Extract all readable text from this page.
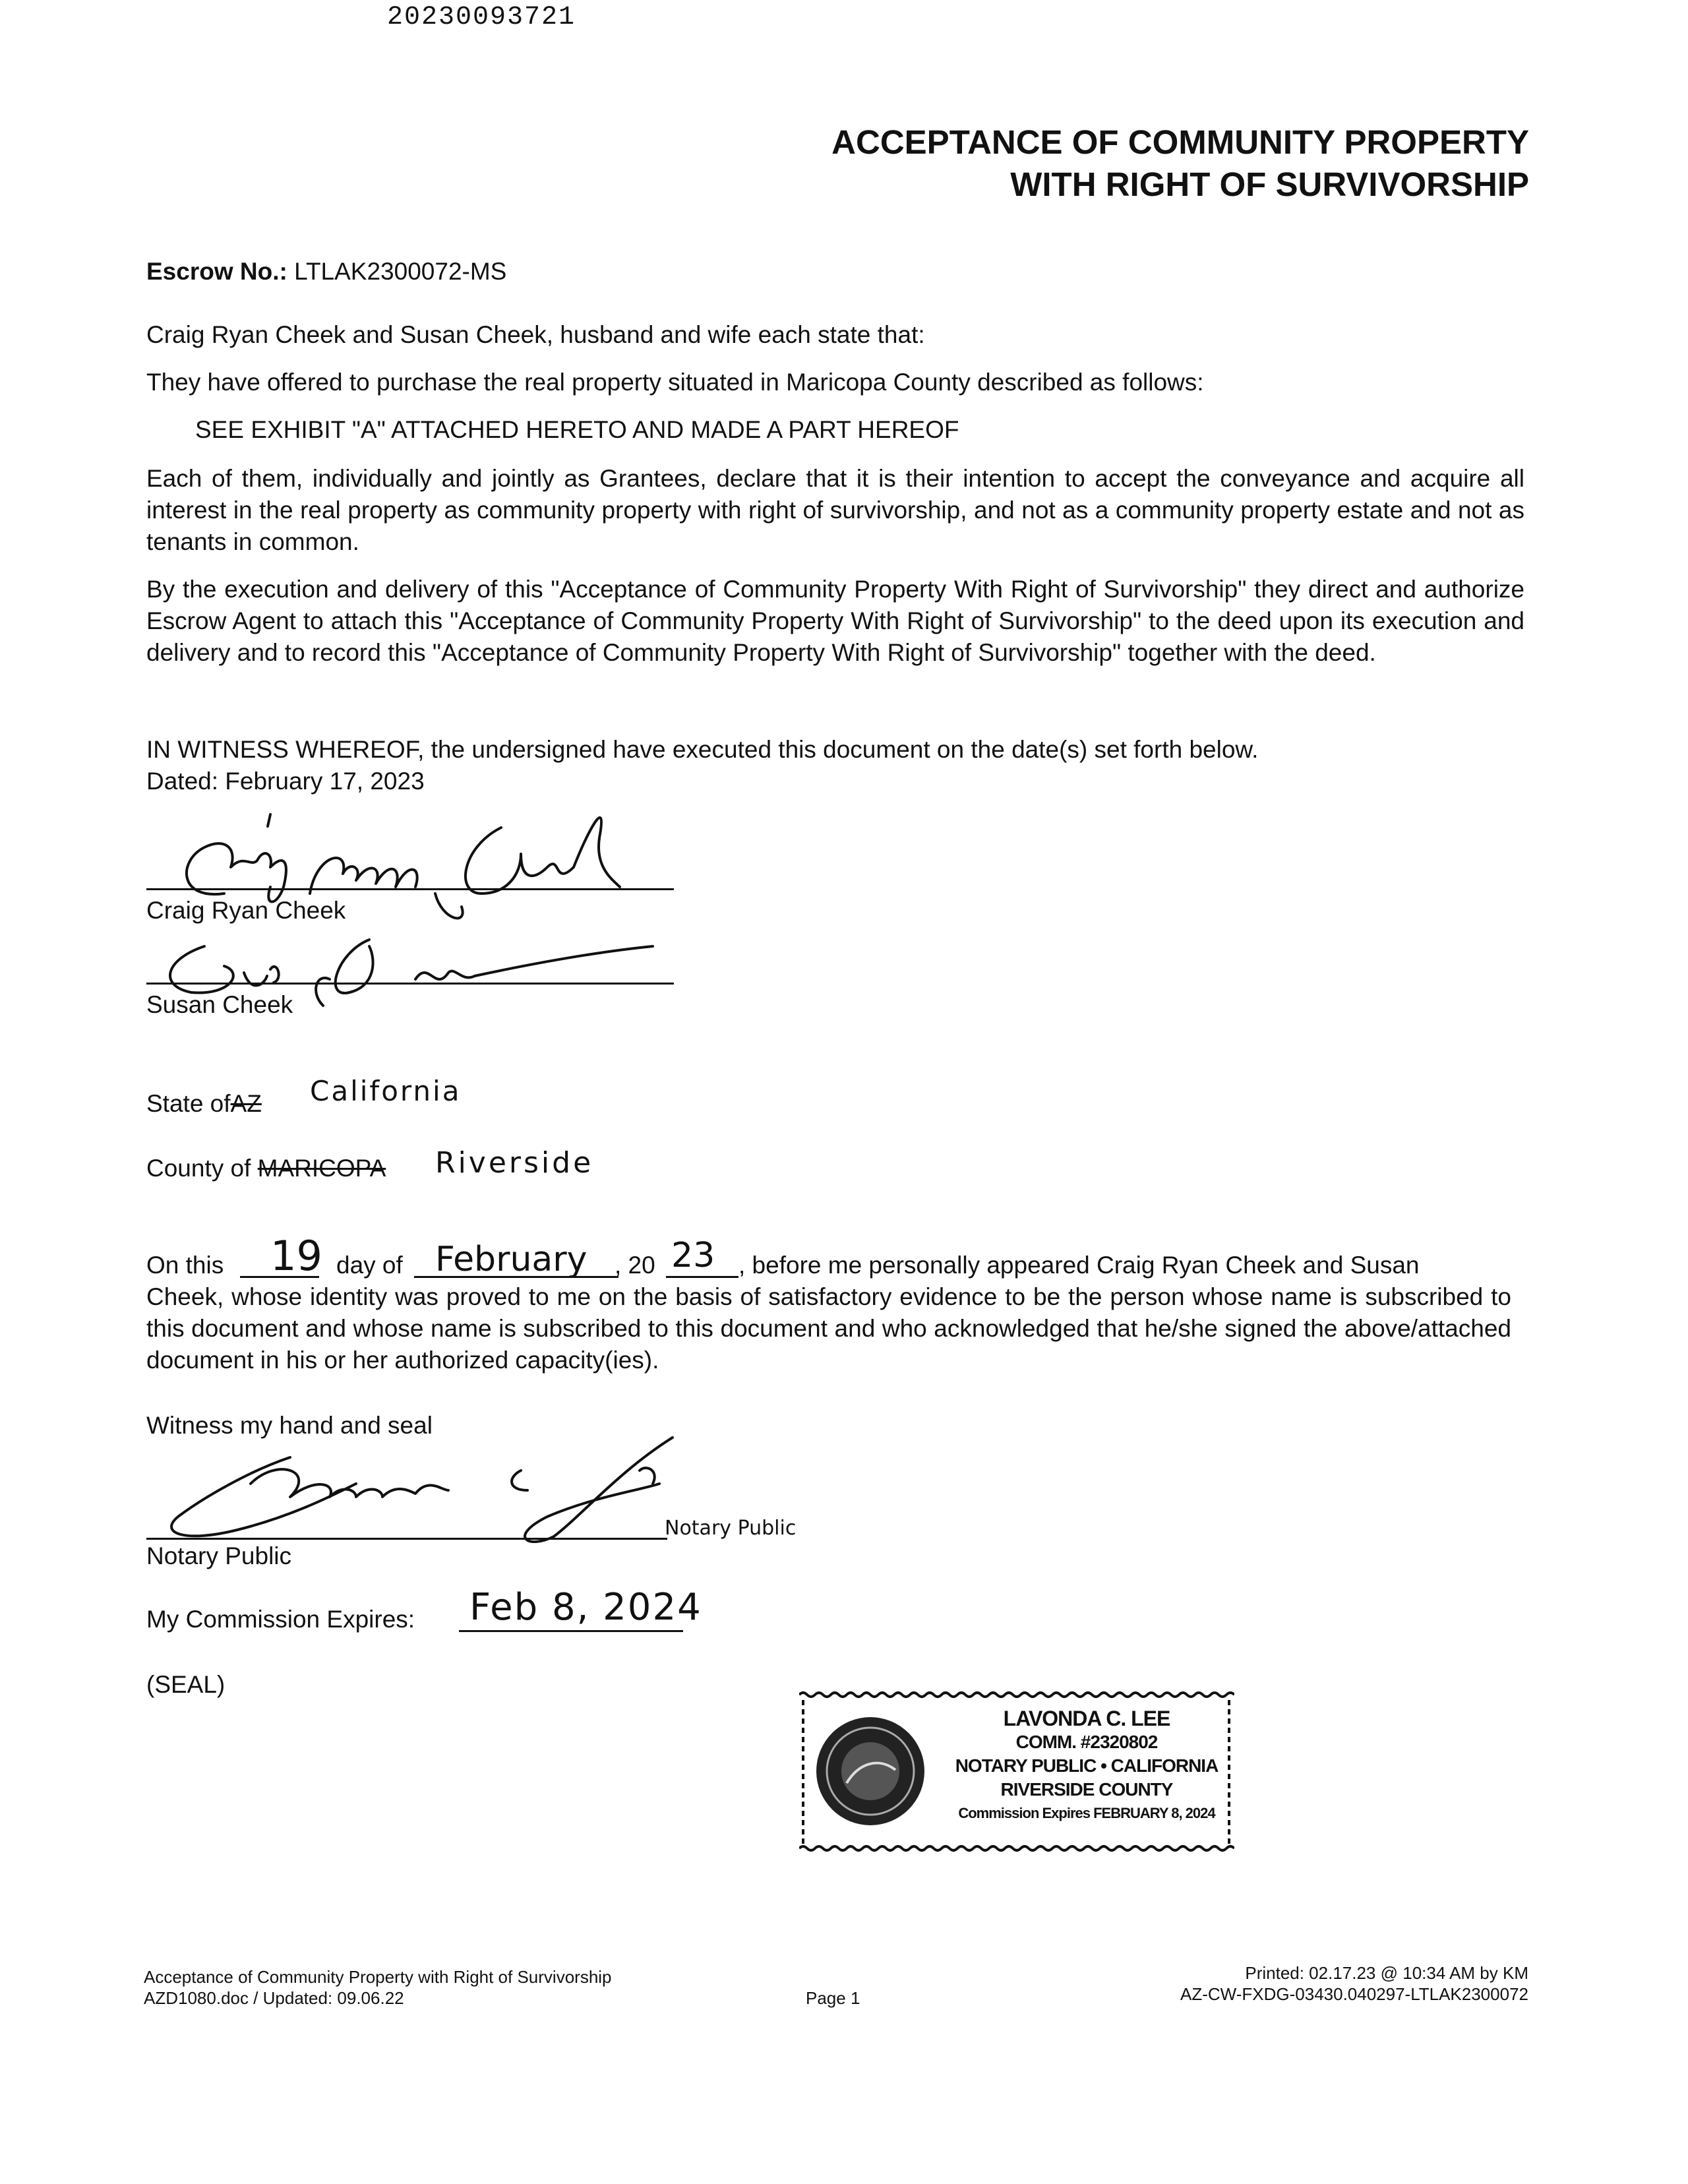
20230093721
ACCEPTANCE OF COMMUNITY PROPERTY
WITH RIGHT OF SURVIVORSHIP
Escrow No.: LTLAK2300072-MS
Craig Ryan Cheek and Susan Cheek, husband and wife each state that:
They have offered to purchase the real property situated in Maricopa County described as follows:
SEE EXHIBIT "A" ATTACHED HERETO AND MADE A PART HEREOF
Each of them, individually and jointly as Grantees, declare that it is their intention to accept the conveyance and acquire all interest in the real property as community property with right of survivorship, and not as a community property estate and not as tenants in common.
By the execution and delivery of this "Acceptance of Community Property With Right of Survivorship" they direct and authorize Escrow Agent to attach this "Acceptance of Community Property With Right of Survivorship" to the deed upon its execution and delivery and to record this "Acceptance of Community Property With Right of Survivorship" together with the deed.
IN WITNESS WHEREOF, the undersigned have executed this document on the date(s) set forth below.
Dated: February 17, 2023
Craig Ryan Cheek
Susan Cheek
State ofAZ California
County of MARICOPA Riverside
On this 19 day of February , 20 23 , before me personally appeared Craig Ryan Cheek and Susan
Cheek, whose identity was proved to me on the basis of satisfactory evidence to be the person whose name is subscribed to this document and whose name is subscribed to this document and who acknowledged that he/she signed the above/attached document in his or her authorized capacity(ies).
Witness my hand and seal
Notary Public
Notary Public
My Commission Expires: Feb 8, 2024
(SEAL)
LAVONDA C. LEE
COMM. #2320802
NOTARY PUBLIC • CALIFORNIA
RIVERSIDE COUNTY
Commission Expires FEBRUARY 8, 2024
Acceptance of Community Property with Right of Survivorship
AZD1080.doc / Updated: 09.06.22	Page 1
Printed: 02.17.23 @ 10:34 AM by KM
AZ-CW-FXDG-03430.040297-LTLAK2300072
